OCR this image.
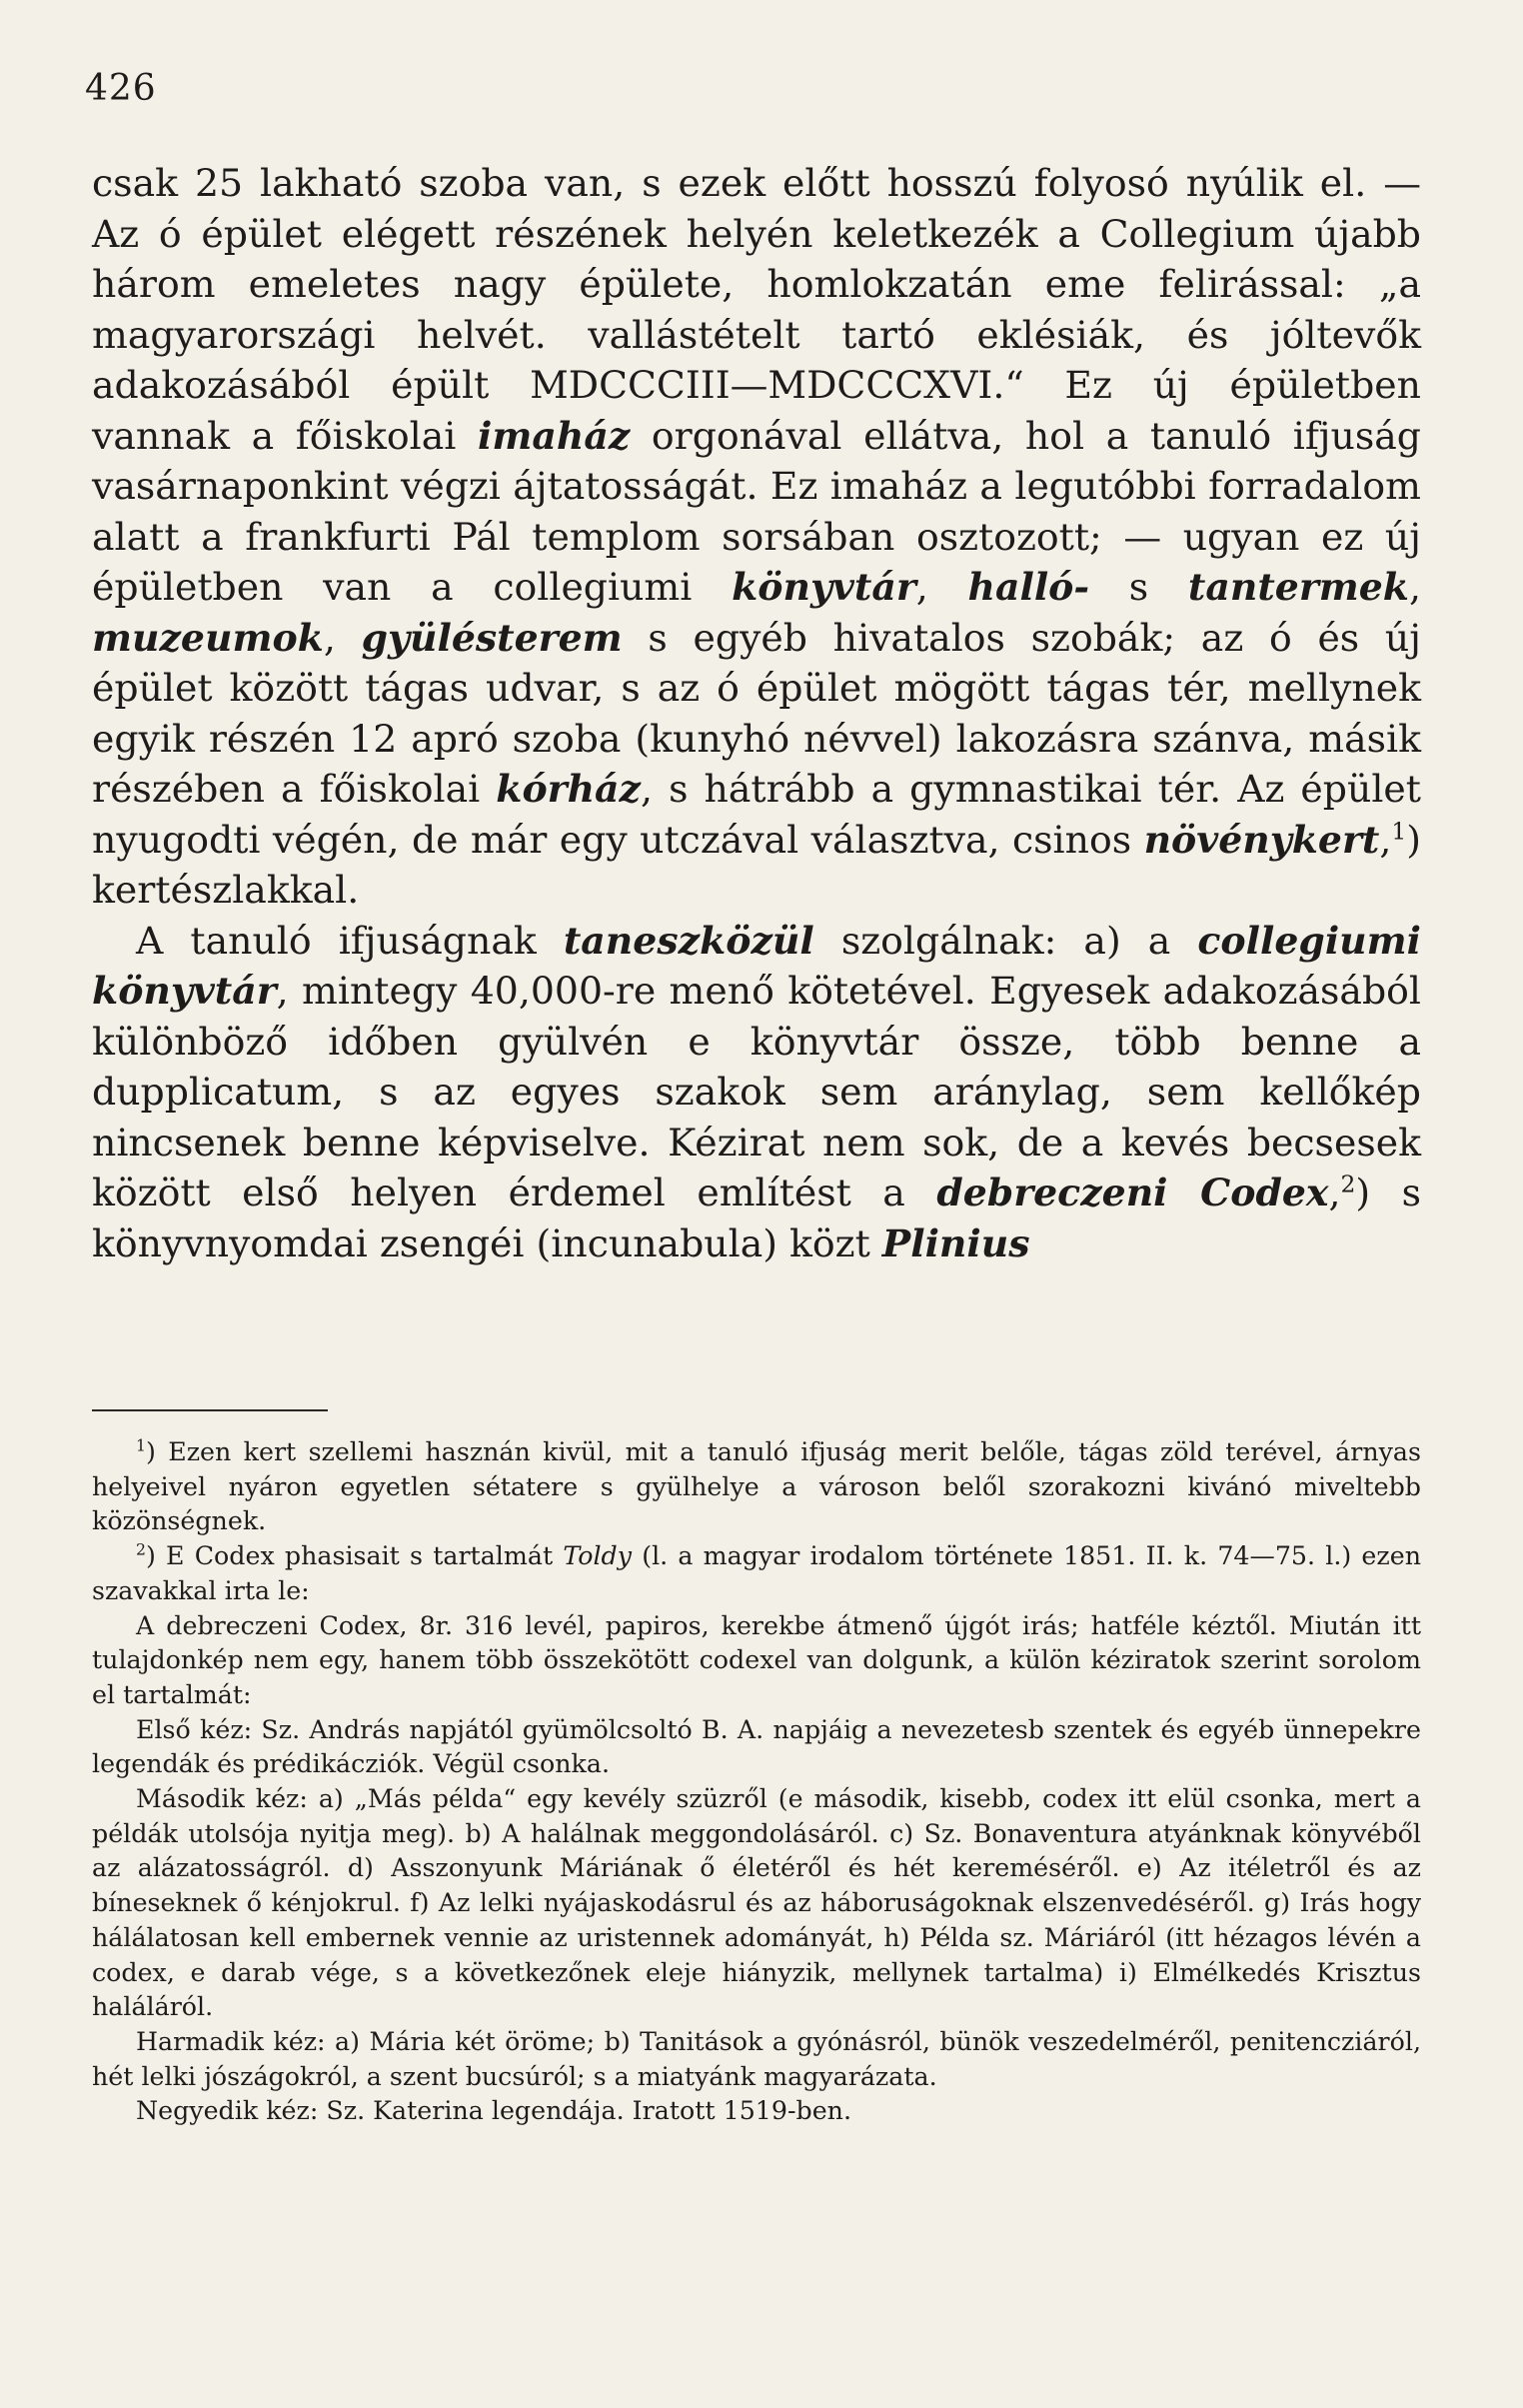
426

csak 25 lakható szoba van, s ezek előtt hosszú folyosó nyúlik el. — Az ó épület elégett részének helyén keletkezék a Collegium újabb három emeletes nagy épülete, homlokzatán eme felirással: „a magyarországi helvét. vallástételt tartó eklésiák, és jóltevők adakozásából épült MDCCCIII—MDCCCXVI.“ Ez új épületben vannak a főiskolai imaház orgonával ellátva, hol a tanuló ifjuság vasárnaponkint végzi ájtatosságát. Ez imaház a legutóbbi forradalom alatt a frankfurti Pál templom sorsában osztozott; — ugyan ez új épületben van a collegiumi könyvtár, halló- s tantermek, muzeumok, gyülésterem s egyéb hivatalos szobák; az ó és új épület között tágas udvar, s az ó épület mögött tágas tér, mellynek egyik részén 12 apró szoba (kunyhó névvel) lakozásra szánva, másik részében a főiskolai kórház, s hátrább a gymnastikai tér. Az épület nyugodti végén, de már egy utczával választva, csinos növénykert,$^1$) kertészlakkal.

A tanuló ifjuságnak taneszközül szolgálnak: a) a collegiumi könyvtár, mintegy 40,000-re menő kötetével. Egyesek adakozásából különböző időben gyülvén e könyvtár össze, több benne a dupplicatum, s az egyes szakok sem aránylag, sem kellőkép nincsenek benne képviselve. Kézirat nem sok, de a kevés becsesek között első helyen érdemel említést a debreczeni Codex,$^2$) s könyvnyomdai zsengéi (incunabula) közt Plinius

$^1$) Ezen kert szellemi hasznán kivül, mit a tanuló ifjuság merit belőle, tágas zöld terével, árnyas helyeivel nyáron egyetlen sétatere s gyülhelye a városon belől szorakozni kivánó miveltebb közönségnek.

$^2$) E Codex phasisait s tartalmát Toldy (l. a magyar irodalom története 1851. II. k. 74—75. l.) ezen szavakkal irta le:

A debreczeni Codex, 8r. 316 levél, papiros, kerekbe átmenő újgót irás; hatféle kéztől. Miután itt tulajdonkép nem egy, hanem több összekötött codexel van dolgunk, a külön kéziratok szerint sorolom el tartalmát:

Első kéz: Sz. András napjától gyümölcsoltó B. A. napjáig a nevezetesb szentek és egyéb ünnepekre legendák és prédikácziók. Végül csonka.

Második kéz: a) „Más példa“ egy kevély szüzről (e második, kisebb, codex itt elül csonka, mert a példák utolsója nyitja meg). b) A halálnak meggondolásáról. c) Sz. Bonaventura atyánknak könyvéből az alázatosságról. d) Asszonyunk Máriának ő életéről és hét kereméséről. e) Az itéletről és az bíneseknek ő kénjokrul. f) Az lelki nyájaskodásrul és az háboruságoknak elszenvedéséről. g) Irás hogy hálálatosan kell embernek vennie az uristennek adományát, h) Példa sz. Máriáról (itt hézagos lévén a codex, e darab vége, s a következőnek eleje hiányzik, mellynek tartalma) i) Elmélkedés Krisztus haláláról.

Harmadik kéz: a) Mária két öröme; b) Tanitások a gyónásról, bünök veszedelméről, penitencziáról, hét lelki jószágokról, a szent bucsúról; s a miatyánk magyarázata.

Negyedik kéz: Sz. Katerina legendája. Iratott 1519-ben.
